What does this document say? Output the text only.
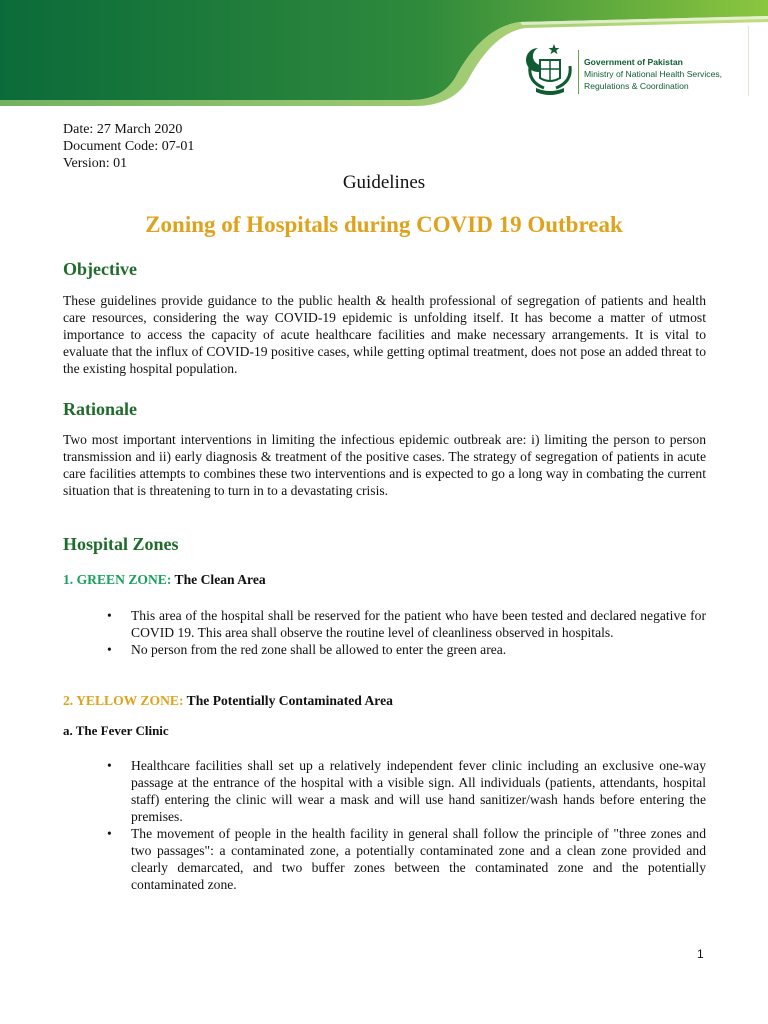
Government of Pakistan
Ministry of National Health Services,
Regulations & Coordination
Date: 27 March 2020
Document Code: 07-01
Version: 01
Guidelines
Zoning of Hospitals during COVID 19 Outbreak
Objective
These guidelines provide guidance to the public health & health professional of segregation of patients and health care resources, considering the way COVID-19 epidemic is unfolding itself. It has become a matter of utmost importance to access the capacity of acute healthcare facilities and make necessary arrangements. It is vital to evaluate that the influx of COVID-19 positive cases, while getting optimal treatment, does not pose an added threat to the existing hospital population.
Rationale
Two most important interventions in limiting the infectious epidemic outbreak are: i) limiting the person to person transmission and ii) early diagnosis & treatment of the positive cases. The strategy of segregation of patients in acute care facilities attempts to combines these two interventions and is expected to go a long way in combating the current situation that is threatening to turn in to a devastating crisis.
Hospital Zones
1. GREEN ZONE: The Clean Area
• This area of the hospital shall be reserved for the patient who have been tested and declared negative for COVID 19. This area shall observe the routine level of cleanliness observed in hospitals.
• No person from the red zone shall be allowed to enter the green area.
2. YELLOW ZONE: The Potentially Contaminated Area
a. The Fever Clinic
• Healthcare facilities shall set up a relatively independent fever clinic including an exclusive one-way passage at the entrance of the hospital with a visible sign. All individuals (patients, attendants, hospital staff) entering the clinic will wear a mask and will use hand sanitizer/wash hands before entering the premises.
• The movement of people in the health facility in general shall follow the principle of "three zones and two passages": a contaminated zone, a potentially contaminated zone and a clean zone provided and clearly demarcated, and two buffer zones between the contaminated zone and the potentially contaminated zone.
1
